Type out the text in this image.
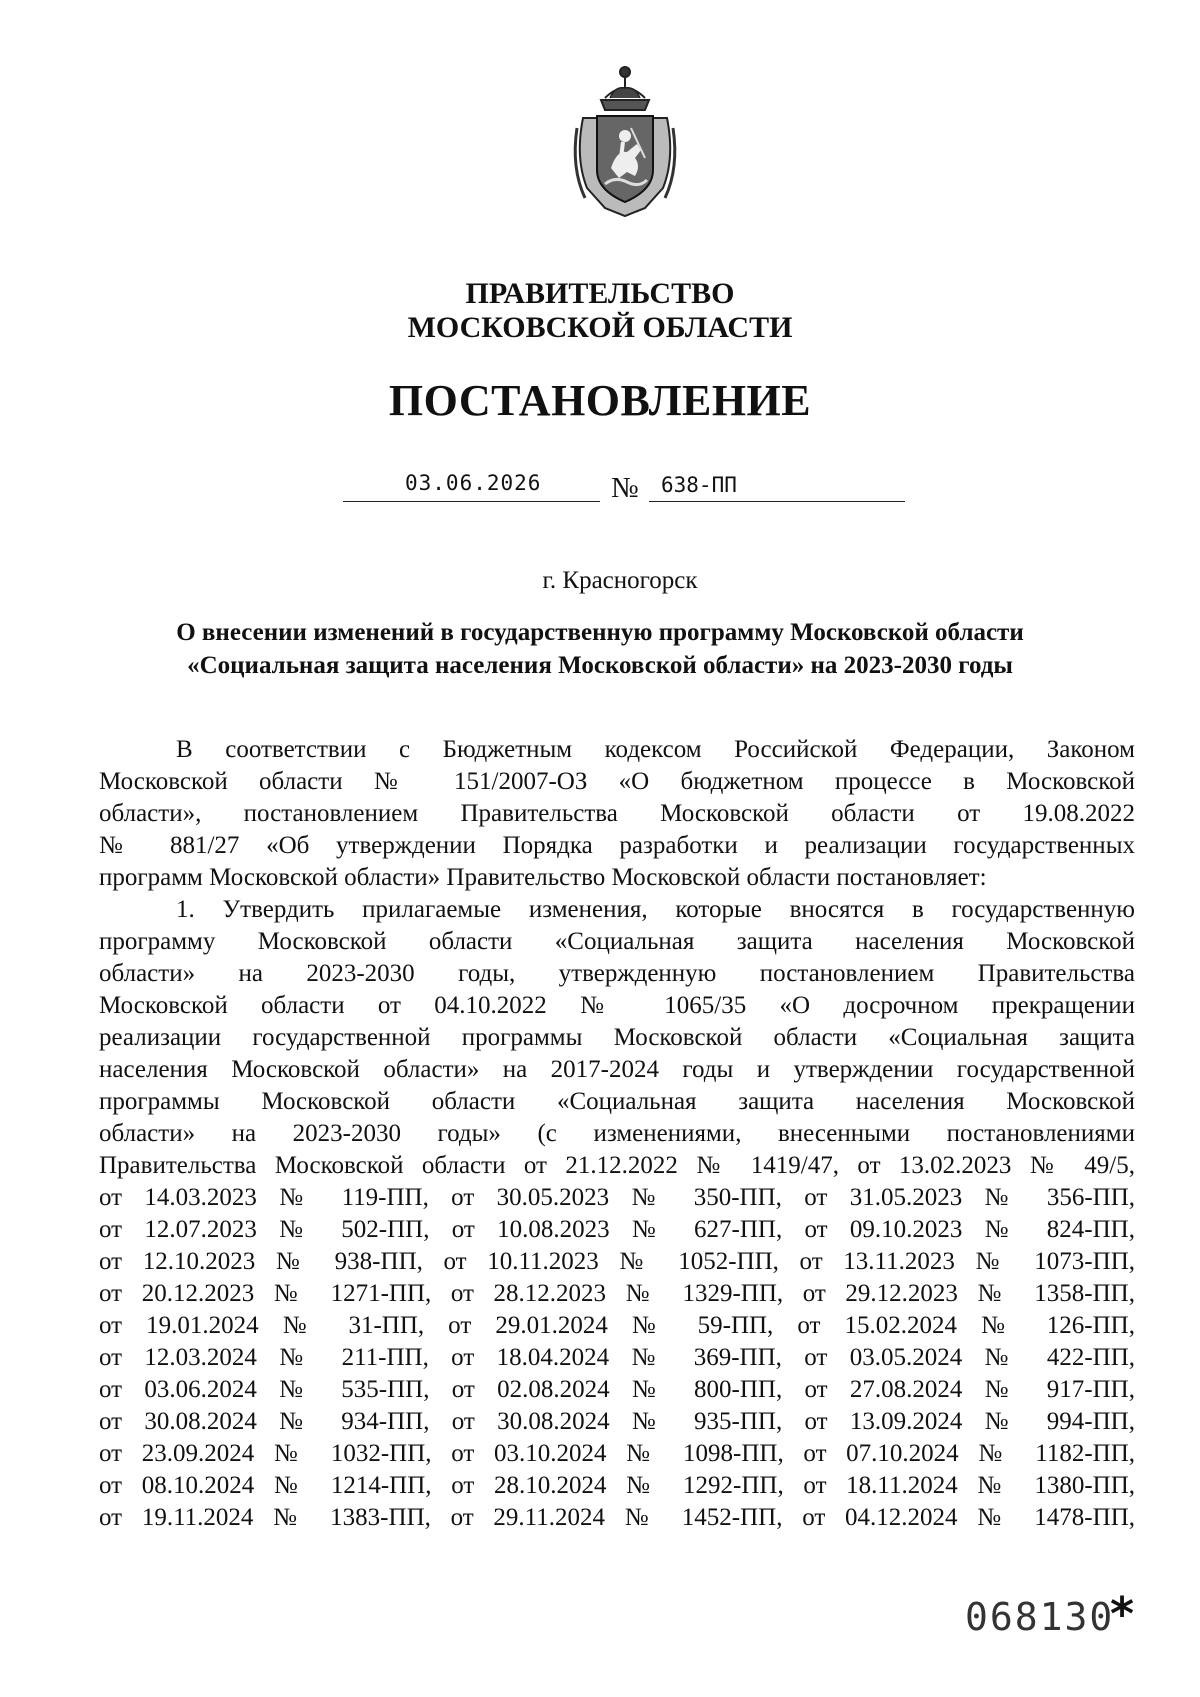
ПРАВИТЕЛЬСТВО
МОСКОВСКОЙ ОБЛАСТИ
ПОСТАНОВЛЕНИЕ
03.06.2026 № 638-ПП
г. Красногорск
О внесении изменений в государственную программу Московской области
«Социальная защита населения Московской области» на 2023-2030 годы
В соответствии с Бюджетным кодексом Российской Федерации, Законом
Московской области № 151/2007-ОЗ «О бюджетном процессе в Московской
области», постановлением Правительства Московской области от 19.08.2022
№ 881/27 «Об утверждении Порядка разработки и реализации государственных
программ Московской области» Правительство Московской области постановляет:
1. Утвердить прилагаемые изменения, которые вносятся в государственную
программу Московской области «Социальная защита населения Московской
области» на 2023-2030 годы, утвержденную постановлением Правительства
Московской области от 04.10.2022 № 1065/35 «О досрочном прекращении
реализации государственной программы Московской области «Социальная защита
населения Московской области» на 2017-2024 годы и утверждении государственной
программы Московской области «Социальная защита населения Московской
области» на 2023-2030 годы» (с изменениями, внесенными постановлениями
Правительства Московской области от 21.12.2022 № 1419/47, от 13.02.2023 № 49/5,
от 14.03.2023 № 119-ПП, от 30.05.2023 № 350-ПП, от 31.05.2023 № 356-ПП,
от 12.07.2023 № 502-ПП, от 10.08.2023 № 627-ПП, от 09.10.2023 № 824-ПП,
от 12.10.2023 № 938-ПП, от 10.11.2023 № 1052-ПП, от 13.11.2023 № 1073-ПП,
от 20.12.2023 № 1271-ПП, от 28.12.2023 № 1329-ПП, от 29.12.2023 № 1358-ПП,
от 19.01.2024 № 31-ПП, от 29.01.2024 № 59-ПП, от 15.02.2024 № 126-ПП,
от 12.03.2024 № 211-ПП, от 18.04.2024 № 369-ПП, от 03.05.2024 № 422-ПП,
от 03.06.2024 № 535-ПП, от 02.08.2024 № 800-ПП, от 27.08.2024 № 917-ПП,
от 30.08.2024 № 934-ПП, от 30.08.2024 № 935-ПП, от 13.09.2024 № 994-ПП,
от 23.09.2024 № 1032-ПП, от 03.10.2024 № 1098-ПП, от 07.10.2024 № 1182-ПП,
от 08.10.2024 № 1214-ПП, от 28.10.2024 № 1292-ПП, от 18.11.2024 № 1380-ПП,
от 19.11.2024 № 1383-ПП, от 29.11.2024 № 1452-ПП, от 04.12.2024 № 1478-ПП,
068130
*
